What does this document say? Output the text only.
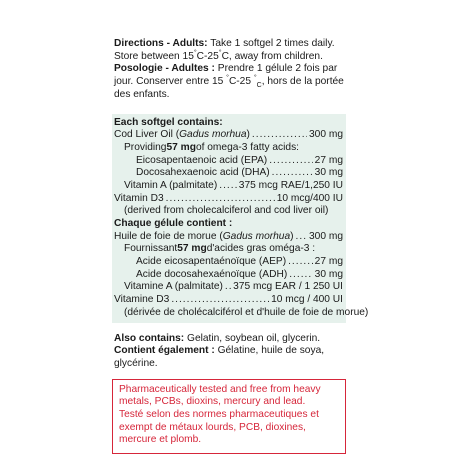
Directions - Adults: Take 1 softgel 2 times daily. Store between 15°C-25°C, away from children.

Posologie - Adultes : Prendre 1 gélule 2 fois par jour. Conserver entre 15 °C-25 °$_C$, hors de la portée des enfants.

Each softgel contains:

Cod Liver Oil (Gadus morhua) .....	300 mg
Providing 57 mg of omega-3 fatty acids:
Eicosapentaenoic acid (EPA) .....	27 mg
Docosahexaenoic acid (DHA) .....	30 mg
Vitamin A (palmitate) ..... 375 mcg RAE/1,250 IU
Vitamin D3 .....	10 mcg/400 IU
(derived from cholecalciferol and cod liver oil)

Chaque gélule contient :

Huile de foie de morue (Gadus morhua) ..... 300 mg
Fournissant 57 mg d'acides gras oméga-3 :
Acide eicosapentaénoïque (AEP) .....	27 mg
Acide docosahexaénoïque (ADH) .....	30 mg
Vitamine A (palmitate) ..... 375 mcg EAR / 1 250 UI
Vitamine D3 .....	10 mcg / 400 UI
(dérivée de cholécalciférol et d'huile de foie de morue)

Also contains: Gelatin, soybean oil, glycerin.

Contient également : Gélatine, huile de soya, glycérine.

Pharmaceutically tested and free from heavy metals, PCBs, dioxins, mercury and lead.

Testé selon des normes pharmaceutiques et exempt de métaux lourds, PCB, dioxines, mercure et plomb.
